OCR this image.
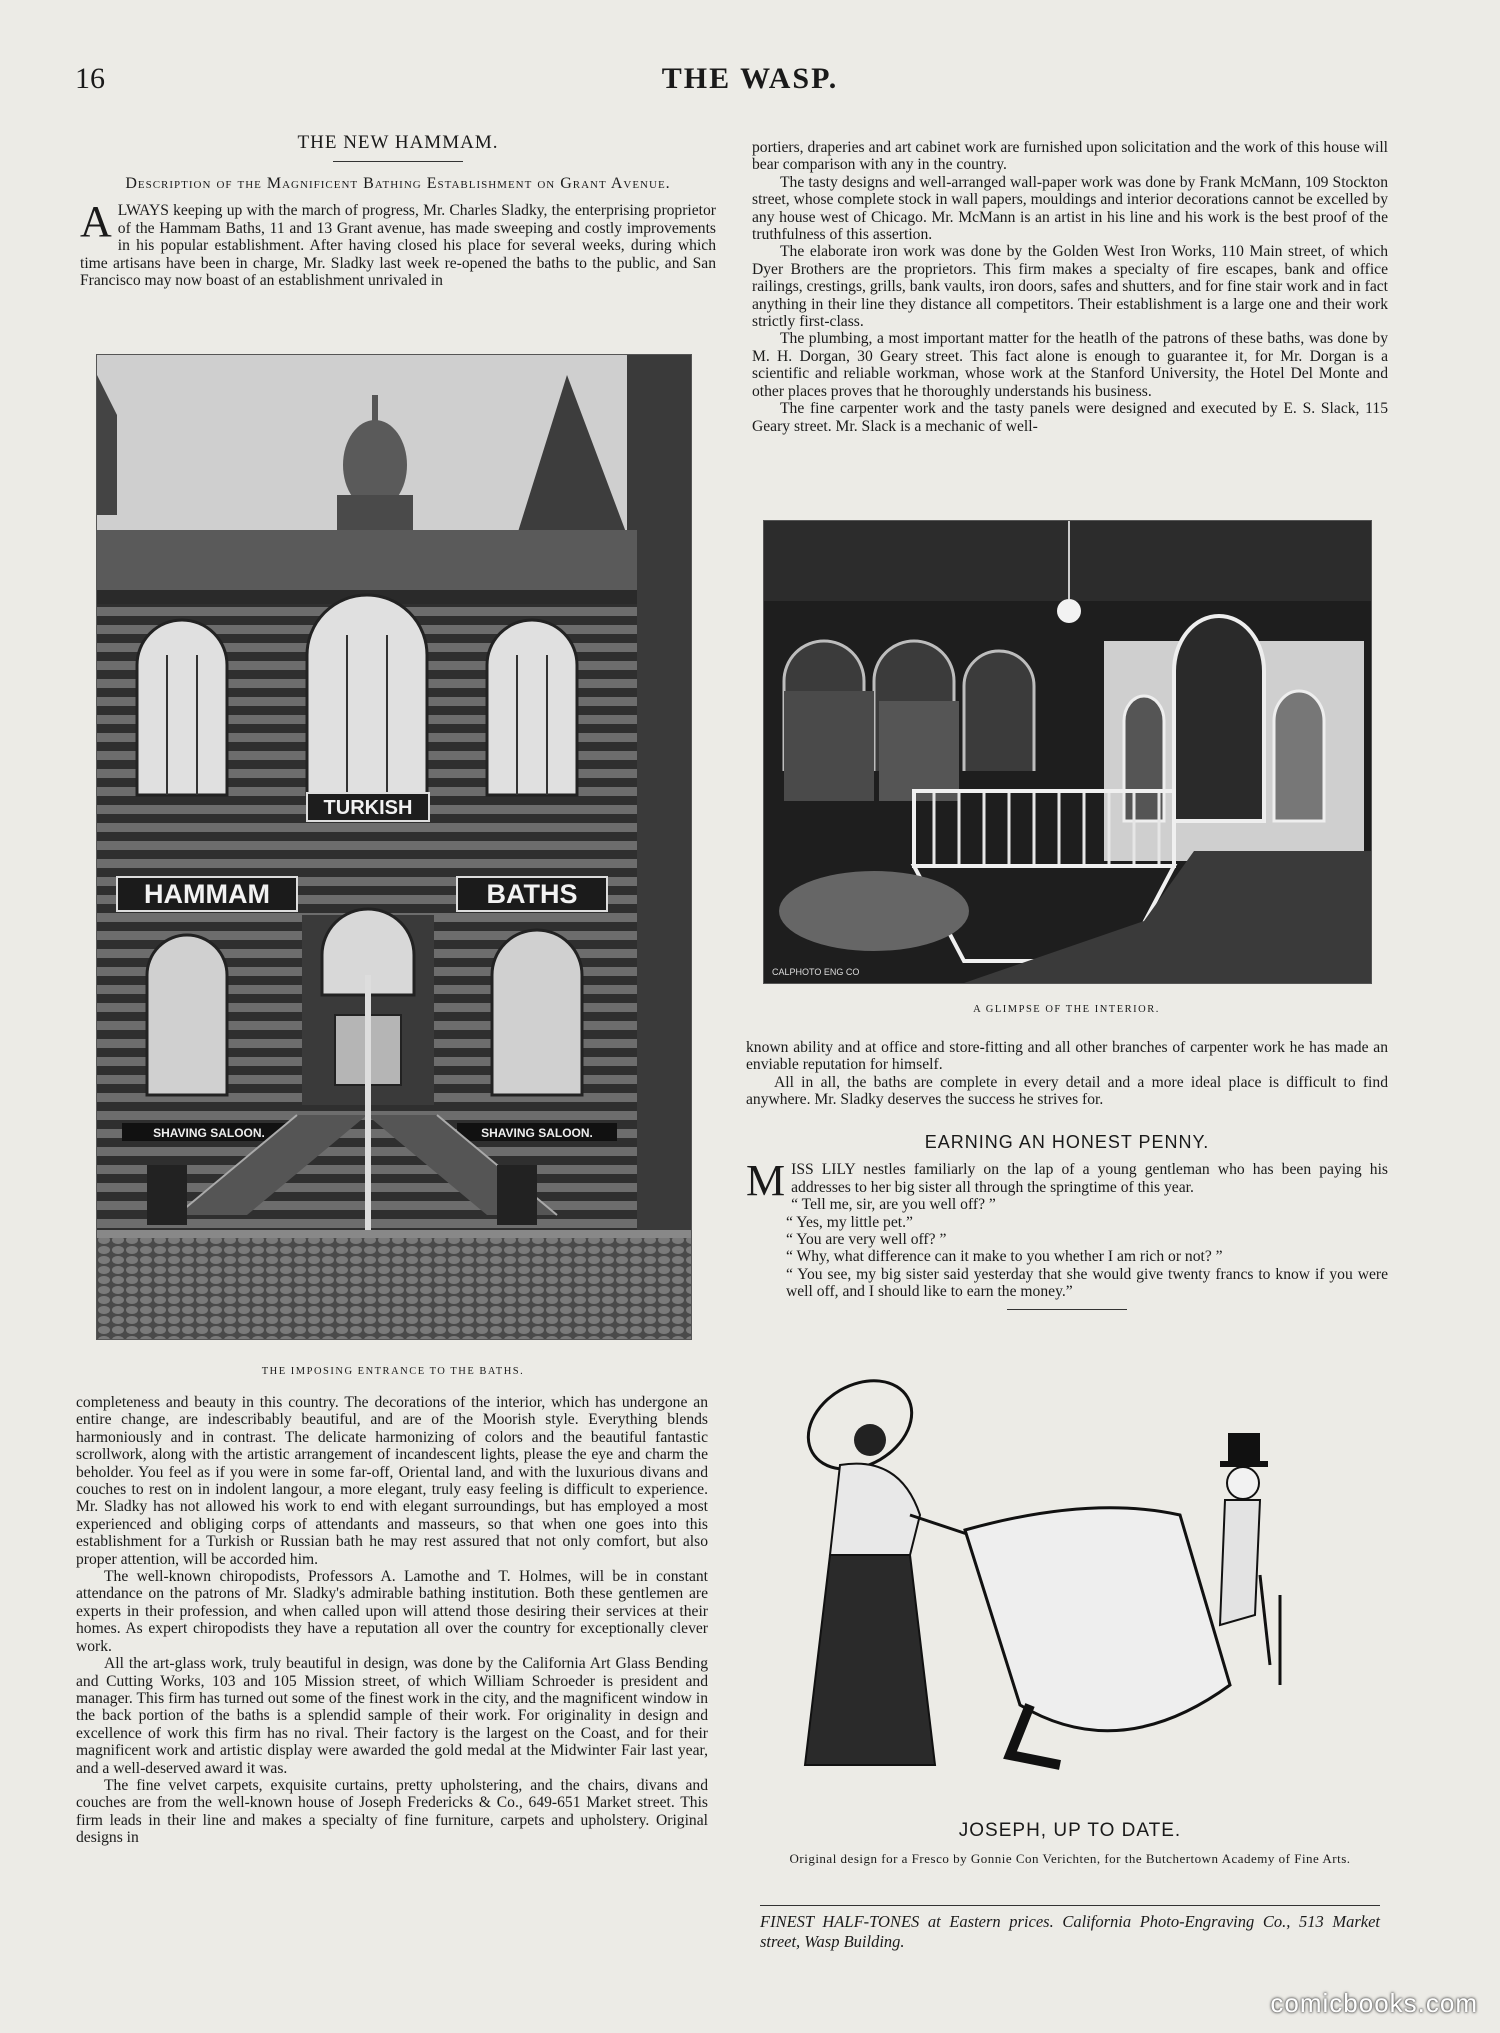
16	THE WASP.
THE NEW HAMMAM.
Description of the Magnificent Bathing Establishment on Grant Avenue.

ALWAYS keeping up with the march of progress, Mr. Charles Sladky, the enterprising proprietor of the Hammam Baths, 11 and 13 Grant avenue, has made sweeping and costly improvements in his popular establishment. After having closed his place for several weeks, during which time artisans have been in charge, Mr. Sladky last week re-opened the baths to the public, and San Francisco may now boast of an establishment unrivaled in

TURKISH
HAMMAM	BATHS
SHAVING SALOON.	SHAVING SALOON.
THE IMPOSING ENTRANCE TO THE BATHS.

completeness and beauty in this country. The decorations of the interior, which has undergone an entire change, are indescribably beautiful, and are of the Moorish style. Everything blends harmoniously and in contrast. The delicate harmonizing of colors and the beautiful fantastic scrollwork, along with the artistic arrangement of incandescent lights, please the eye and charm the beholder. You feel as if you were in some far-off, Oriental land, and with the luxurious divans and couches to rest on in indolent langour, a more elegant, truly easy feeling is difficult to experience. Mr. Sladky has not allowed his work to end with elegant surroundings, but has employed a most experienced and obliging corps of attendants and masseurs, so that when one goes into this establishment for a Turkish or Russian bath he may rest assured that not only comfort, but also proper attention, will be accorded him.

The well-known chiropodists, Professors A. Lamothe and T. Holmes, will be in constant attendance on the patrons of Mr. Sladky's admirable bathing institution. Both these gentlemen are experts in their profession, and when called upon will attend those desiring their services at their homes. As expert chiropodists they have a reputation all over the country for exceptionally clever work.

All the art-glass work, truly beautiful in design, was done by the California Art Glass Bending and Cutting Works, 103 and 105 Mission street, of which William Schroeder is president and manager. This firm has turned out some of the finest work in the city, and the magnificent window in the back portion of the baths is a splendid sample of their work. For originality in design and excellence of work this firm has no rival. Their factory is the largest on the Coast, and for their magnificent work and artistic display were awarded the gold medal at the Midwinter Fair last year, and a well-deserved award it was.

The fine velvet carpets, exquisite curtains, pretty upholstering, and the chairs, divans and couches are from the well-known house of Joseph Fredericks & Co., 649-651 Market street. This firm leads in their line and makes a specialty of fine furniture, carpets and upholstery. Original designs in

portiers, draperies and art cabinet work are furnished upon solicitation and the work of this house will bear comparison with any in the country.

The tasty designs and well-arranged wall-paper work was done by Frank McMann, 109 Stockton street, whose complete stock in wall papers, mouldings and interior decorations cannot be excelled by any house west of Chicago. Mr. McMann is an artist in his line and his work is the best proof of the truthfulness of this assertion.

The elaborate iron work was done by the Golden West Iron Works, 110 Main street, of which Dyer Brothers are the proprietors. This firm makes a specialty of fire escapes, bank and office railings, crestings, grills, bank vaults, iron doors, safes and shutters, and for fine stair work and in fact anything in their line they distance all competitors. Their establishment is a large one and their work strictly first-class.

The plumbing, a most important matter for the heatlh of the patrons of these baths, was done by M. H. Dorgan, 30 Geary street. This fact alone is enough to guarantee it, for Mr. Dorgan is a scientific and reliable workman, whose work at the Stanford University, the Hotel Del Monte and other places proves that he thoroughly understands his business.

The fine carpenter work and the tasty panels were designed and executed by E. S. Slack, 115 Geary street. Mr. Slack is a mechanic of well-

CALPHOTO ENG CO
A GLIMPSE OF THE INTERIOR.

known ability and at office and store-fitting and all other branches of carpenter work he has made an enviable reputation for himself.

All in all, the baths are complete in every detail and a more ideal place is difficult to find anywhere. Mr. Sladky deserves the success he strives for.

EARNING AN HONEST PENNY.

MISS LILY nestles familiarly on the lap of a young gentleman who has been paying his addresses to her big sister all through the springtime of this year.

“ Tell me, sir, are you well off? ”

“ Yes, my little pet.”

“ You are very well off? ”

“ Why, what difference can it make to you whether I am rich or not? ”

“ You see, my big sister said yesterday that she would give twenty francs to know if you were well off, and I should like to earn the money.”

JOSEPH, UP TO DATE.
Original design for a Fresco by Gonnie Con Verichten, for the Butchertown Academy of Fine Arts.
FINEST HALF-TONES at Eastern prices. California Photo-Engraving Co., 513 Market street, Wasp Building.
comicbooks.com
